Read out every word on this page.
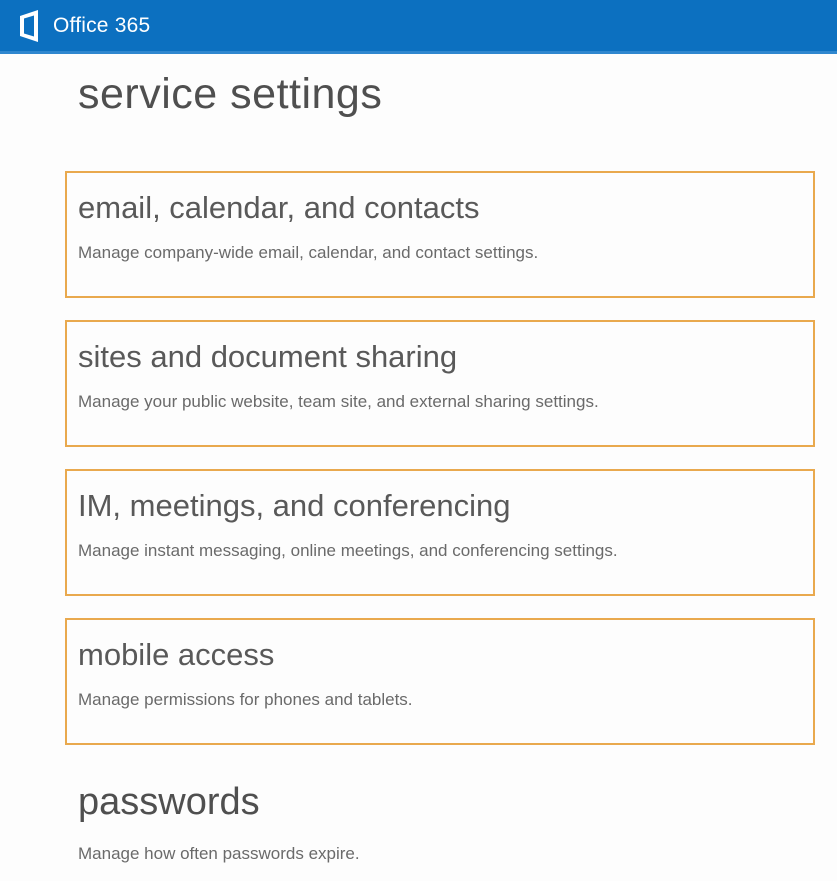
Office 365
service settings
email, calendar, and contacts
Manage company-wide email, calendar, and contact settings.
sites and document sharing
Manage your public website, team site, and external sharing settings.
IM, meetings, and conferencing
Manage instant messaging, online meetings, and conferencing settings.
mobile access
Manage permissions for phones and tablets.
passwords
Manage how often passwords expire.
